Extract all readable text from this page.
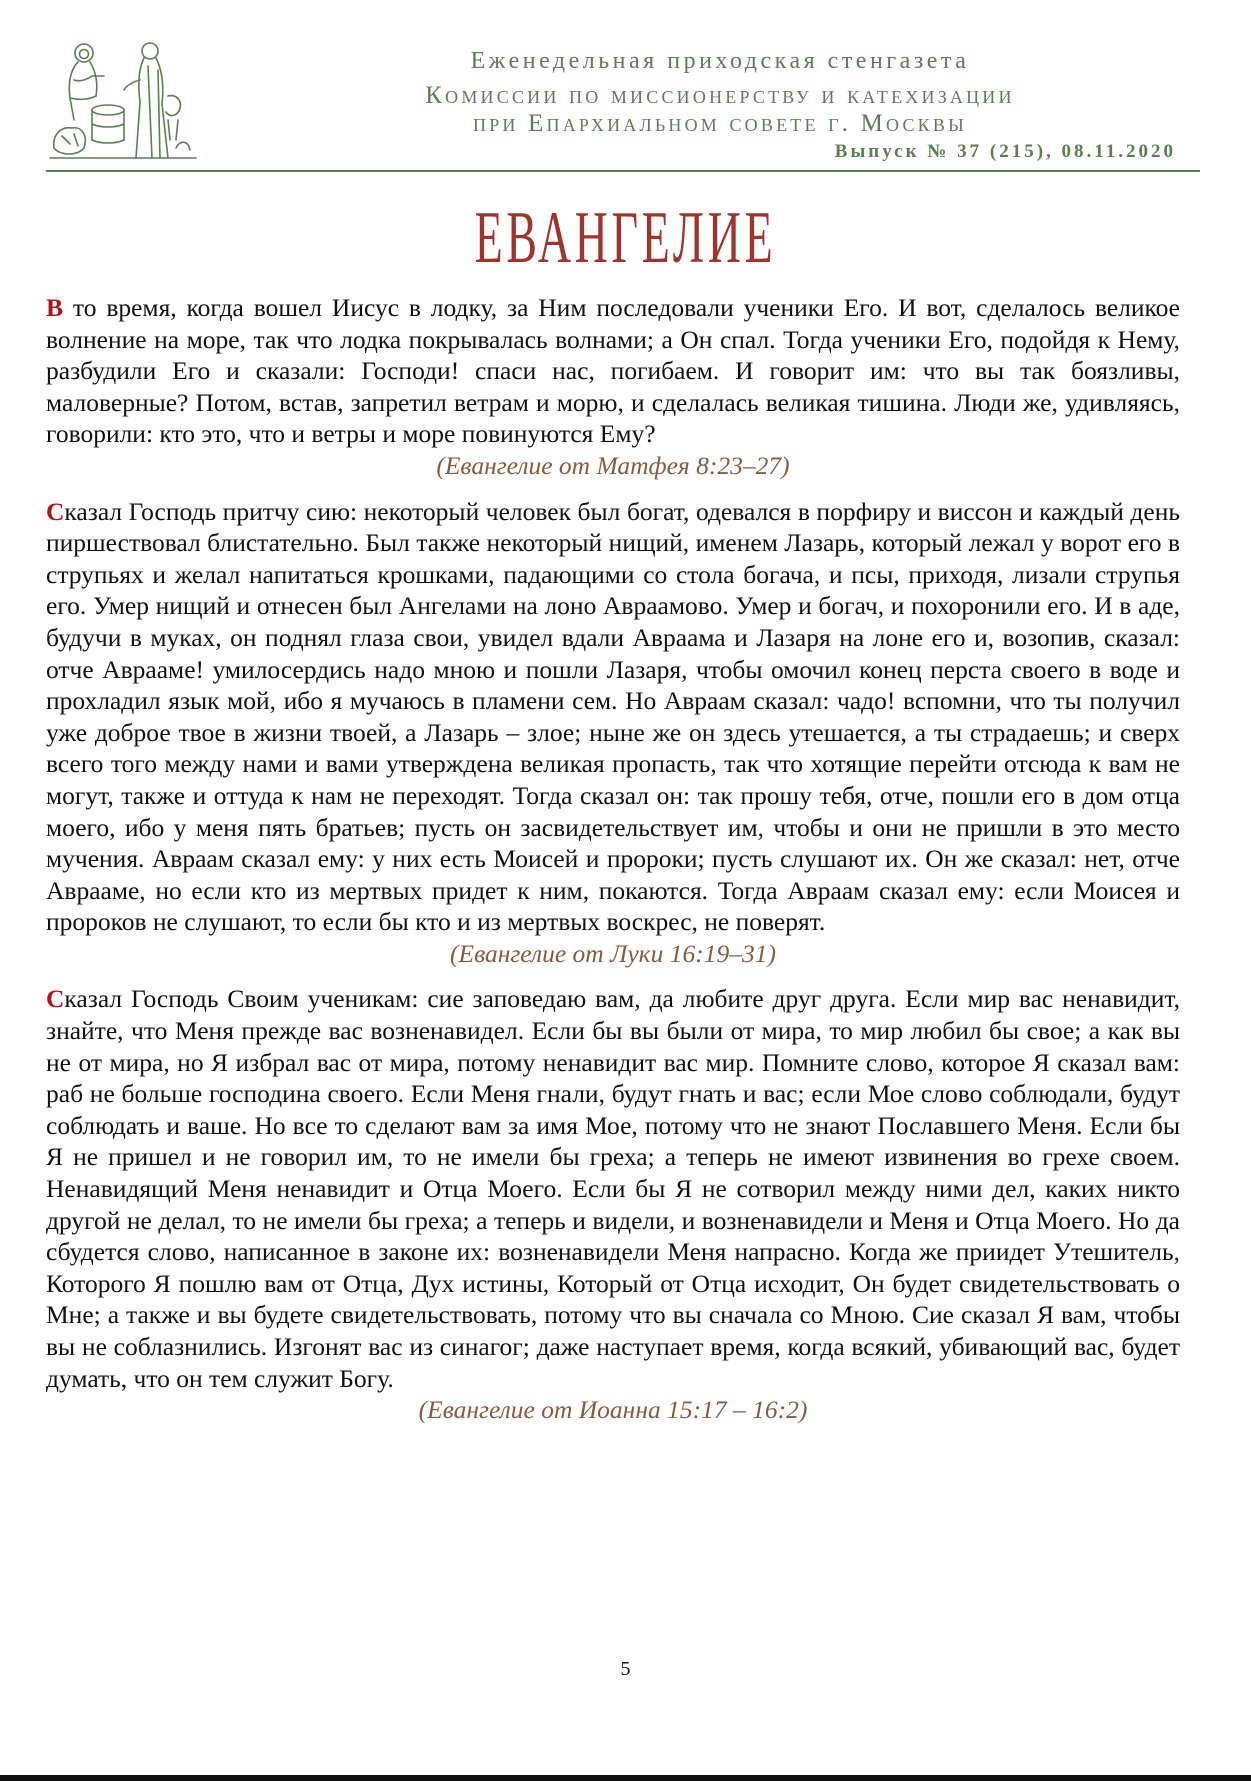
Еженедельная приходская стенгазета
Комиссии по миссионерству и катехизации
при Епархиальном совете г. Москвы
Выпуск № 37 (215), 08.11.2020
ЕВАНГЕЛИЕ

В то время, когда вошел Иисус в лодку, за Ним последовали ученики Его. И вот, сделалось великое волнение на море, так что лодка покрывалась волнами; а Он спал. Тогда ученики Его, подойдя к Нему, разбудили Его и сказали: Господи! спаси нас, погибаем. И говорит им: что вы так боязливы, маловерные? Потом, встав, запретил ветрам и морю, и сделалась великая тишина. Люди же, удивляясь, говорили: кто это, что и ветры и море повинуются Ему?

(Евангелие от Матфея 8:23–27)

Сказал Господь притчу сию: некоторый человек был богат, одевался в порфиру и виссон и каждый день пиршествовал блистательно. Был также некоторый нищий, именем Лазарь, который лежал у ворот его в струпьях и желал напитаться крошками, падающими со стола богача, и псы, приходя, лизали струпья его. Умер нищий и отнесен был Ангелами на лоно Авраамово. Умер и богач, и похоронили его. И в аде, будучи в муках, он поднял глаза свои, увидел вдали Авраама и Лазаря на лоне его и, возопив, сказал: отче Аврааме! умилосердись надо мною и пошли Лазаря, чтобы омочил конец перста своего в воде и прохладил язык мой, ибо я мучаюсь в пламени сем. Но Авраам сказал: чадо! вспомни, что ты получил уже доброе твое в жизни твоей, а Лазарь – злое; ныне же он здесь утешается, а ты страдаешь; и сверх всего того между нами и вами утверждена великая пропасть, так что хотящие перейти отсюда к вам не могут, также и оттуда к нам не переходят. Тогда сказал он: так прошу тебя, отче, пошли его в дом отца моего, ибо у меня пять братьев; пусть он засвидетельствует им, чтобы и они не пришли в это место мучения. Авраам сказал ему: у них есть Моисей и пророки; пусть слушают их. Он же сказал: нет, отче Аврааме, но если кто из мертвых придет к ним, покаются. Тогда Авраам сказал ему: если Моисея и пророков не слушают, то если бы кто и из мертвых воскрес, не поверят.

(Евангелие от Луки 16:19–31)

Сказал Господь Своим ученикам: сие заповедаю вам, да любите друг друга. Если мир вас ненавидит, знайте, что Меня прежде вас возненавидел. Если бы вы были от мира, то мир любил бы свое; а как вы не от мира, но Я избрал вас от мира, потому ненавидит вас мир. Помните слово, которое Я сказал вам: раб не больше господина своего. Если Меня гнали, будут гнать и вас; если Мое слово соблюдали, будут соблюдать и ваше. Но все то сделают вам за имя Мое, потому что не знают Пославшего Меня. Если бы Я не пришел и не говорил им, то не имели бы греха; а теперь не имеют извинения во грехе своем. Ненавидящий Меня ненавидит и Отца Моего. Если бы Я не сотворил между ними дел, каких никто другой не делал, то не имели бы греха; а теперь и видели, и возненавидели и Меня и Отца Моего. Но да сбудется слово, написанное в законе их: возненавидели Меня напрасно. Когда же приидет Утешитель, Которого Я пошлю вам от Отца, Дух истины, Который от Отца исходит, Он будет свидетельствовать о Мне; а также и вы будете свидетельствовать, потому что вы сначала со Мною. Сие сказал Я вам, чтобы вы не соблазнились. Изгонят вас из синагог; даже наступает время, когда всякий, убивающий вас, будет думать, что он тем служит Богу.

(Евангелие от Иоанна 15:17 – 16:2)

5
